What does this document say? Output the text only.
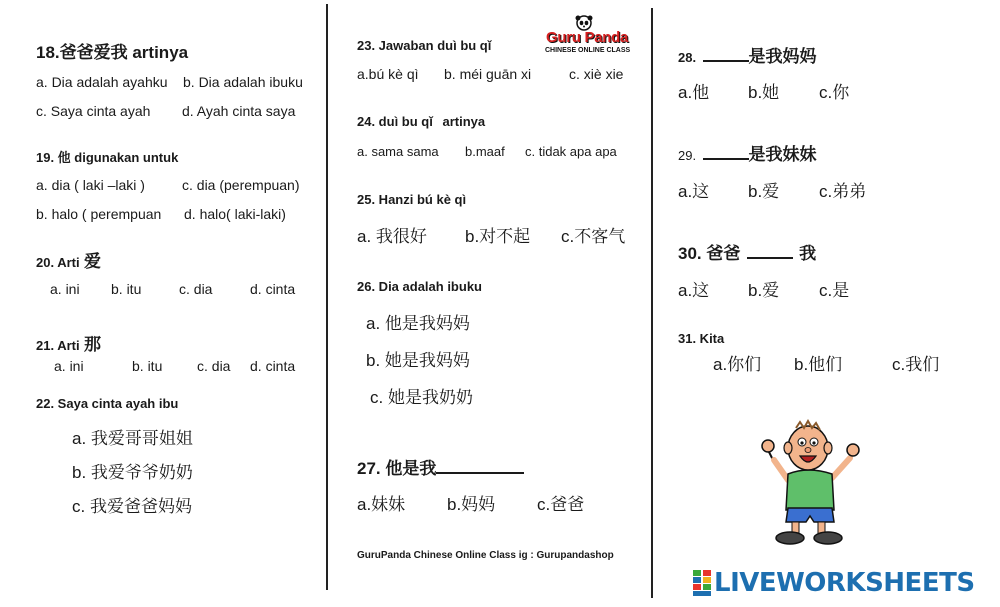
18.爸爸爱我 artinya
a. Dia adalah ayahku b. Dia adalah ibuku
c. Saya cinta ayah d. Ayah cinta saya
19. 他 digunakan untuk
a. dia ( laki –laki )	c. dia (perempuan)
b. halo ( perempuan d. halo( laki-laki)
20. Arti 爱
a. ini b. itu	c. dia	d. cinta
21. Arti 那
a. ini	b. itu c. dia d. cinta
22. Saya cinta ayah ibu
a. 我爱哥哥姐姐
b. 我爱爷爷奶奶
c. 我爱爸爸妈妈
Guru Panda
CHINESE ONLINE CLASS
23. Jawaban duì bu qǐ
a.bú kè qì b. méi guān xi	c. xiè xie
24. duì bu qǐ artinya
a. sama sama b.maaf c. tidak apa apa
25. Hanzi bú kè qì
a. 我很好 b.对不起 c.不客气
26. Dia adalah ibuku
a. 他是我妈妈
b. 她是我妈妈
c. 她是我奶奶
27. 他是我
a.妹妹 b.妈妈 c.爸爸
GuruPanda Chinese Online Class ig : Gurupandashop
28.	是我妈妈
a.他 b.她 c.你
29.	是我妹妹
a.这 b.爱 c.弟弟
30. 爸爸	我
a.这 b.爱 c.是
31. Kita
a.你们 b.他们	c.我们
LIVEWORKSHEETS
